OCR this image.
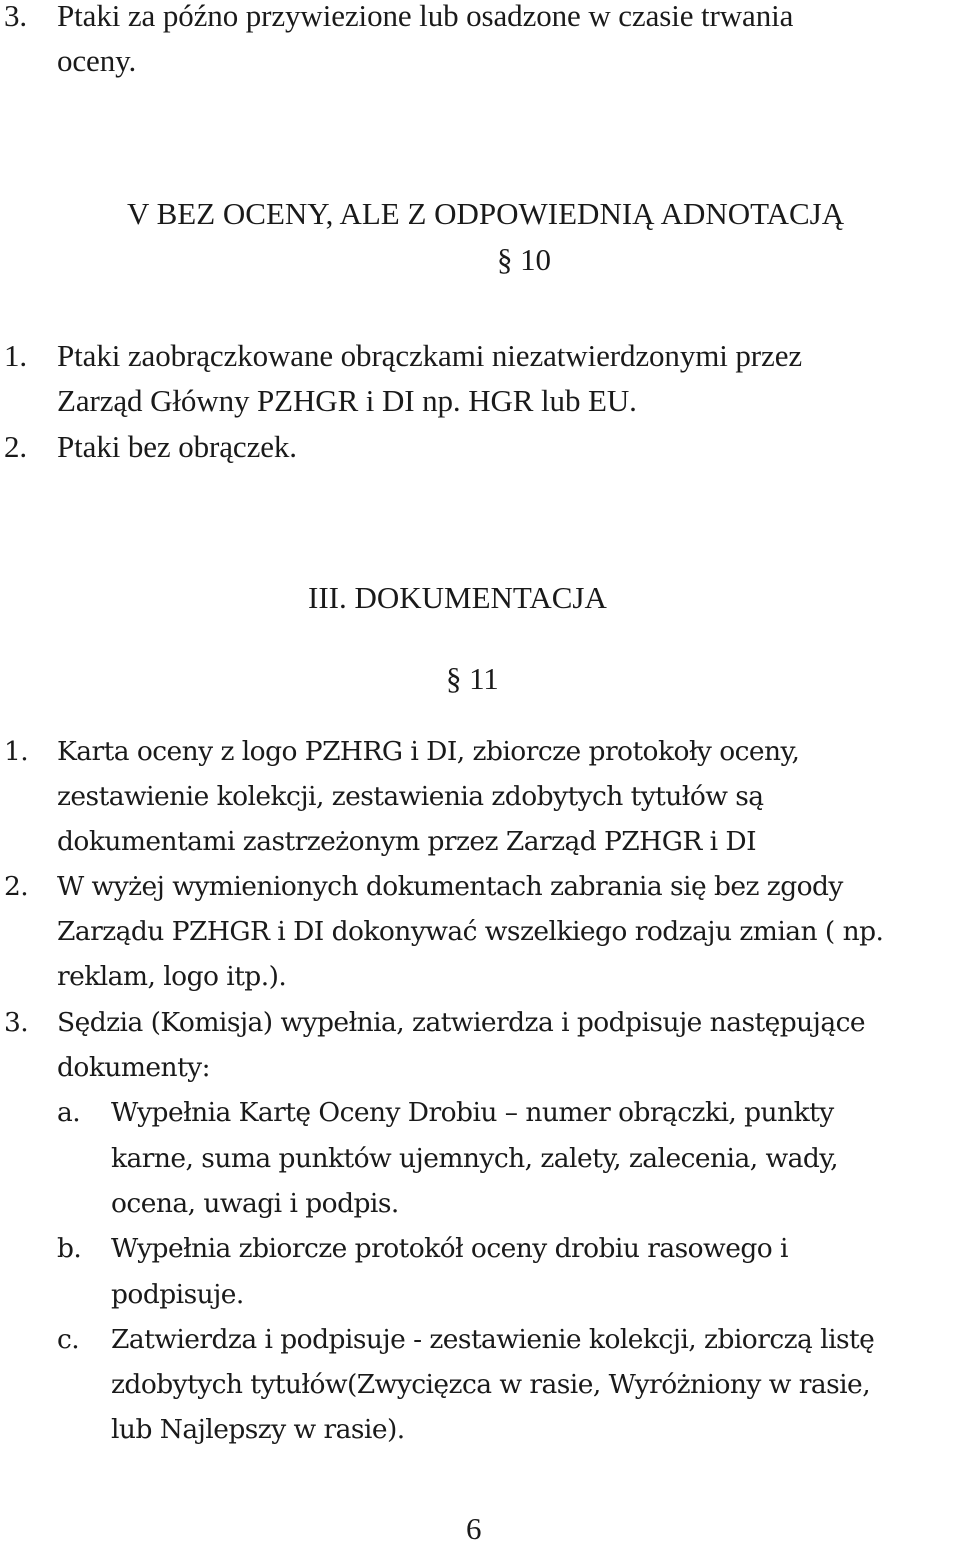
3. Ptaki za późno przywiezione lub osadzone w czasie trwania
oceny.
V BEZ OCENY, ALE Z ODPOWIEDNIĄ ADNOTACJĄ
§ 10
1. Ptaki zaobrączkowane obrączkami niezatwierdzonymi przez
Zarząd Główny PZHGR i DI np. HGR lub EU.
2. Ptaki bez obrączek.
III. DOKUMENTACJA
§ 11
1. Karta oceny z logo PZHRG i DI, zbiorcze protokoły oceny,
zestawienie kolekcji, zestawienia zdobytych tytułów są
dokumentami zastrzeżonym przez Zarząd PZHGR i DI
2. W wyżej wymienionych dokumentach zabrania się bez zgody
Zarządu PZHGR i DI dokonywać wszelkiego rodzaju zmian ( np.
reklam, logo itp.).
3. Sędzia (Komisja) wypełnia, zatwierdza i podpisuje następujące
dokumenty:
a. Wypełnia Kartę Oceny Drobiu – numer obrączki, punkty
karne, suma punktów ujemnych, zalety, zalecenia, wady,
ocena, uwagi i podpis.
b. Wypełnia zbiorcze protokół oceny drobiu rasowego i
podpisuje.
c. Zatwierdza i podpisuje - zestawienie kolekcji, zbiorczą listę
zdobytych tytułów(Zwycięzca w rasie, Wyróżniony w rasie,
lub Najlepszy w rasie).
6
